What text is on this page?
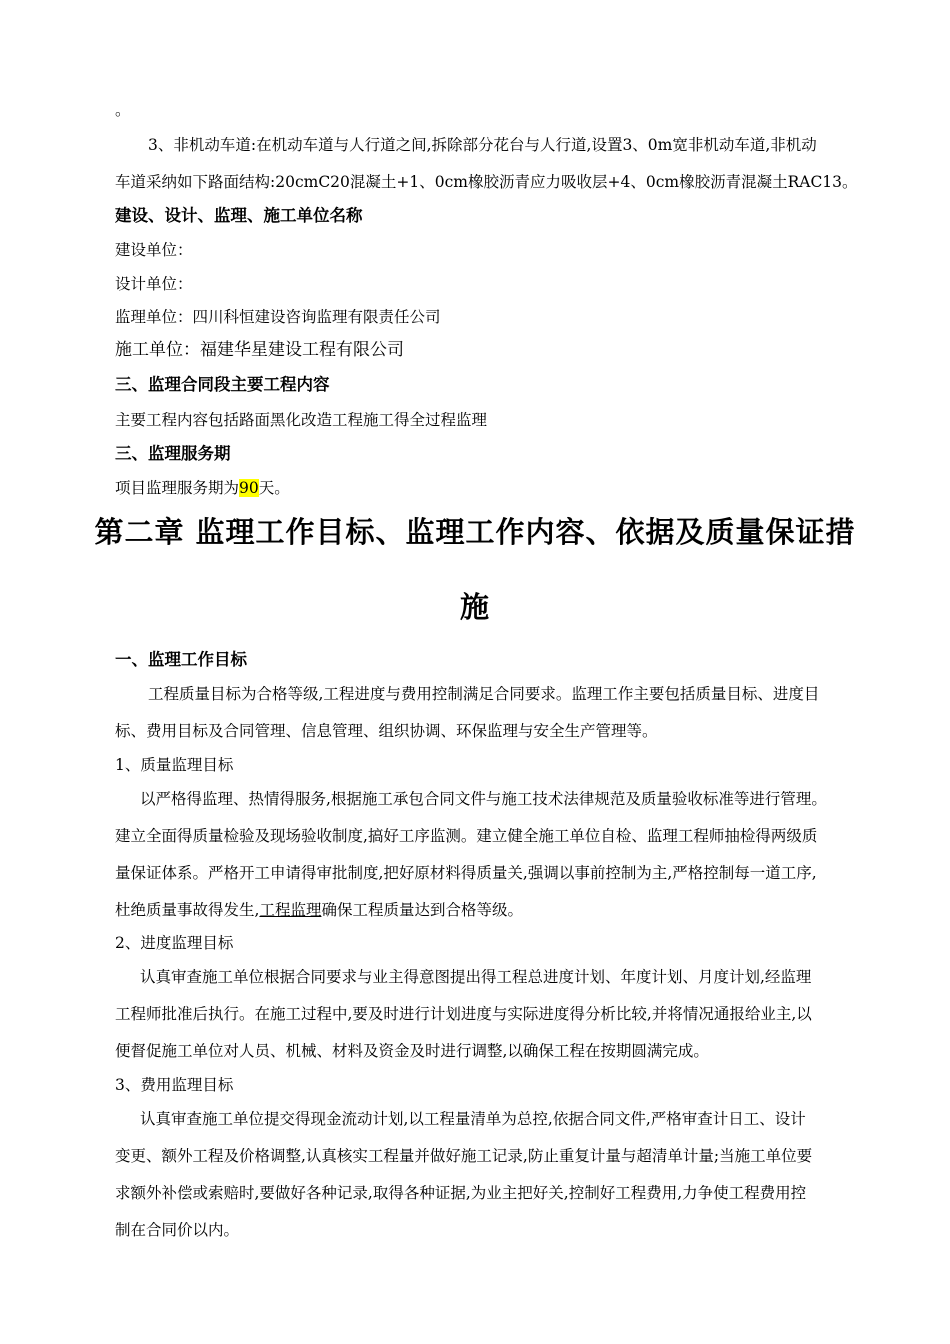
。
3、非机动车道:在机动车道与人行道之间,拆除部分花台与人行道,设置3、0m宽非机动车道,非机动
车道采纳如下路面结构:20cmC20混凝土+1、0cm橡胶沥青应力吸收层+4、0cm橡胶沥青混凝土RAC13。
建设、设计、监理、施工单位名称
建设单位：
设计单位：
监理单位：四川科恒建设咨询监理有限责任公司
施工单位：福建华星建设工程有限公司
三、监理合同段主要工程内容
主要工程内容包括路面黑化改造工程施工得全过程监理
三、监理服务期
项目监理服务期为90天。
第二章 监理工作目标、监理工作内容、依据及质量保证措
施
一、监理工作目标
工程质量目标为合格等级,工程进度与费用控制满足合同要求。监理工作主要包括质量目标、进度目
标、费用目标及合同管理、信息管理、组织协调、环保监理与安全生产管理等。
1、质量监理目标
以严格得监理、热情得服务,根据施工承包合同文件与施工技术法律规范及质量验收标准等进行管理。
建立全面得质量检验及现场验收制度,搞好工序监测。建立健全施工单位自检、监理工程师抽检得两级质
量保证体系。严格开工申请得审批制度,把好原材料得质量关,强调以事前控制为主,严格控制每一道工序,
杜绝质量事故得发生,工程监理确保工程质量达到合格等级。
2、进度监理目标
认真审查施工单位根据合同要求与业主得意图提出得工程总进度计划、年度计划、月度计划,经监理
工程师批准后执行。在施工过程中,要及时进行计划进度与实际进度得分析比较,并将情况通报给业主,以
便督促施工单位对人员、机械、材料及资金及时进行调整,以确保工程在按期圆满完成。
3、费用监理目标
认真审查施工单位提交得现金流动计划,以工程量清单为总控,依据合同文件,严格审查计日工、设计
变更、额外工程及价格调整,认真核实工程量并做好施工记录,防止重复计量与超清单计量;当施工单位要
求额外补偿或索赔时,要做好各种记录,取得各种证据,为业主把好关,控制好工程费用,力争使工程费用控
制在合同价以内。
